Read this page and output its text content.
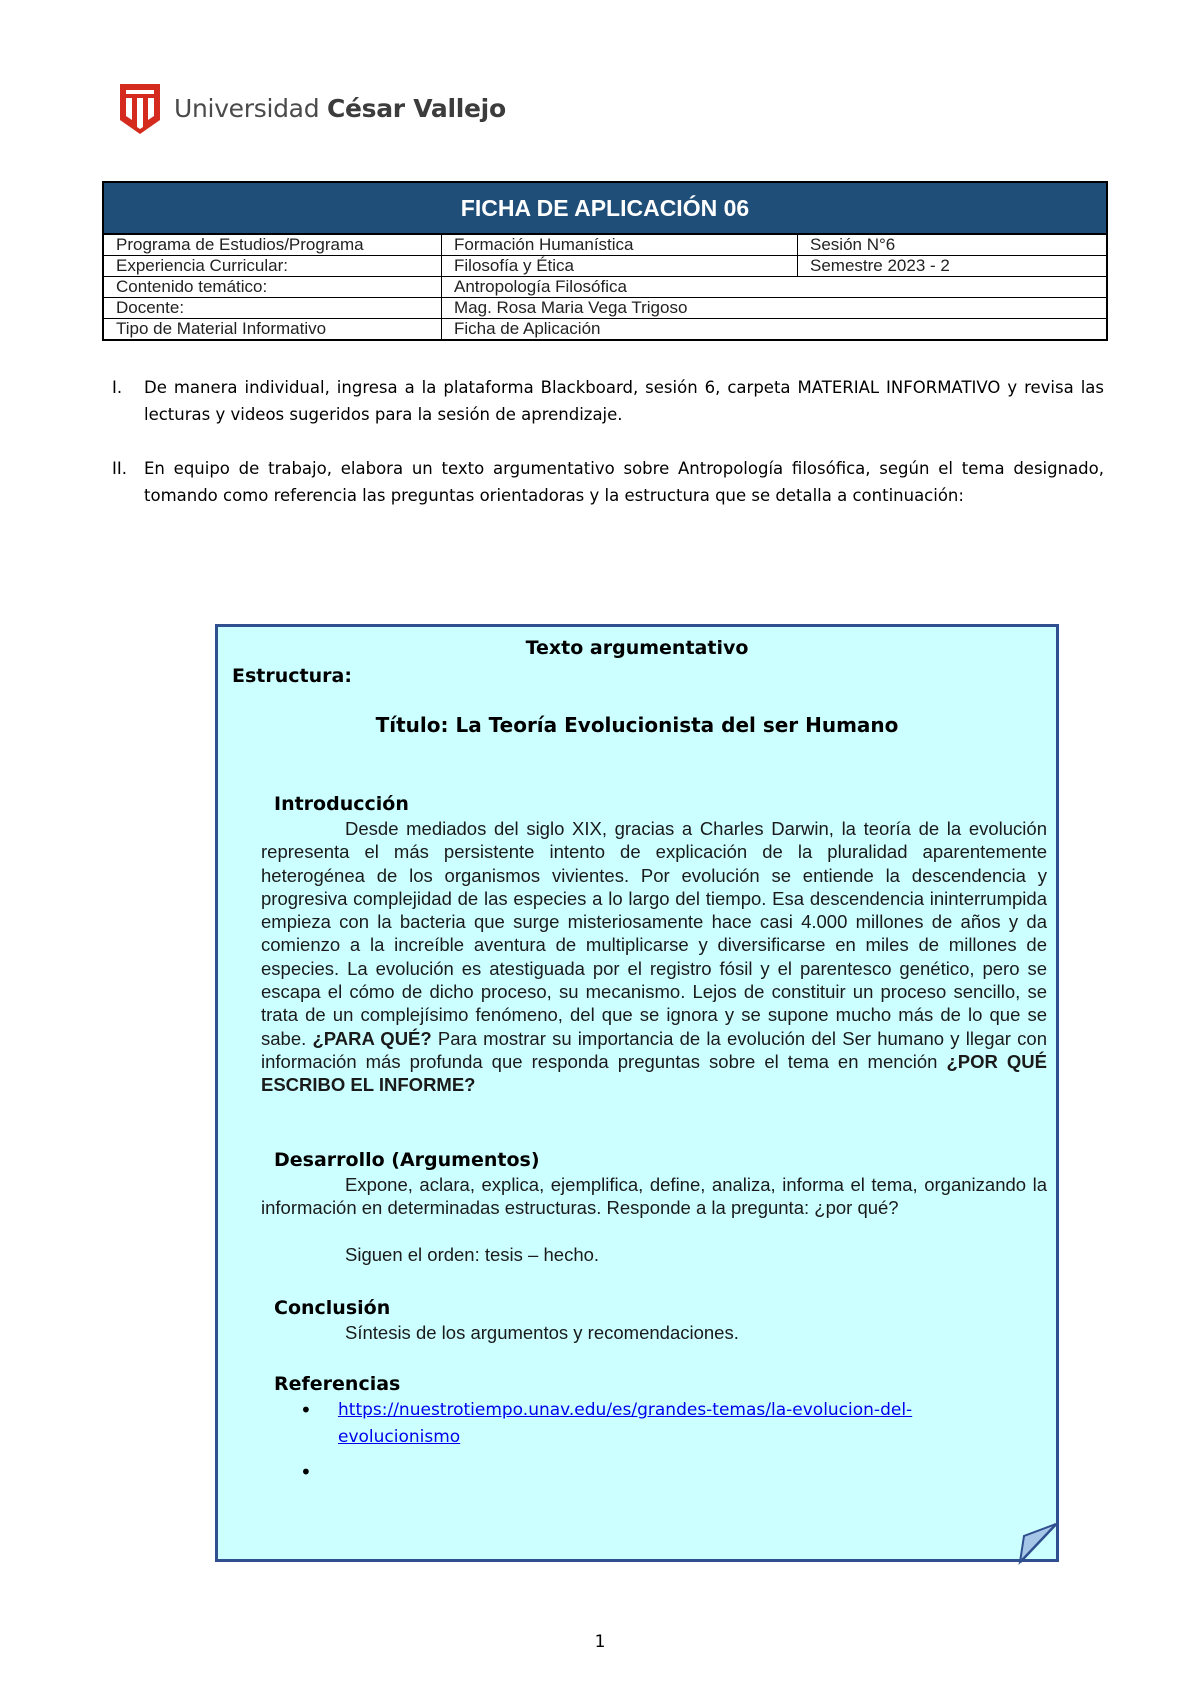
Universidad César Vallejo
FICHA DE APLICACIÓN 06
Programa de Estudios/Programa	Formación Humanística	Sesión N°6
Experiencia Curricular:	Filosofía y Ética	Semestre 2023 - 2
Contenido temático:	Antropología Filosófica	
Docente:	Mag. Rosa Maria Vega Trigoso	
Tipo de Material Informativo	Ficha de Aplicación	
I.	De manera individual, ingresa a la plataforma Blackboard, sesión 6, carpeta MATERIAL INFORMATIVO y revisa las lecturas y videos sugeridos para la sesión de aprendizaje.
II.	En equipo de trabajo, elabora un texto argumentativo sobre Antropología filosófica, según el tema designado, tomando como referencia las preguntas orientadoras y la estructura que se detalla a continuación:
Texto argumentativo
Estructura:
Título: La Teoría Evolucionista del ser Humano
Introducción
Desde mediados del siglo XIX, gracias a Charles Darwin, la teoría de la evolución representa el más persistente intento de explicación de la pluralidad aparentemente heterogénea de los organismos vivientes. Por evolución se entiende la descendencia y progresiva complejidad de las especies a lo largo del tiempo. Esa descendencia ininterrumpida empieza con la bacteria que surge misteriosamente hace casi 4.000 millones de años y da comienzo a la increíble aventura de multiplicarse y diversificarse en miles de millones de especies. La evolución es atestiguada por el registro fósil y el parentesco genético, pero se escapa el cómo de dicho proceso, su mecanismo. Lejos de constituir un proceso sencillo, se trata de un complejísimo fenómeno, del que se ignora y se supone mucho más de lo que se sabe. ¿PARA QUÉ? Para mostrar su importancia de la evolución del Ser humano y llegar con información más profunda que responda preguntas sobre el tema en mención ¿POR QUÉ ESCRIBO EL INFORME?
Desarrollo (Argumentos)
Expone, aclara, explica, ejemplifica, define, analiza, informa el tema, organizando la información en determinadas estructuras. Responde a la pregunta: ¿por qué?
Siguen el orden: tesis – hecho.
Conclusión
Síntesis de los argumentos y recomendaciones.
Referencias
• https://nuestrotiempo.unav.edu/es/grandes-temas/la-evolucion-del-evolucionismo
•
1
